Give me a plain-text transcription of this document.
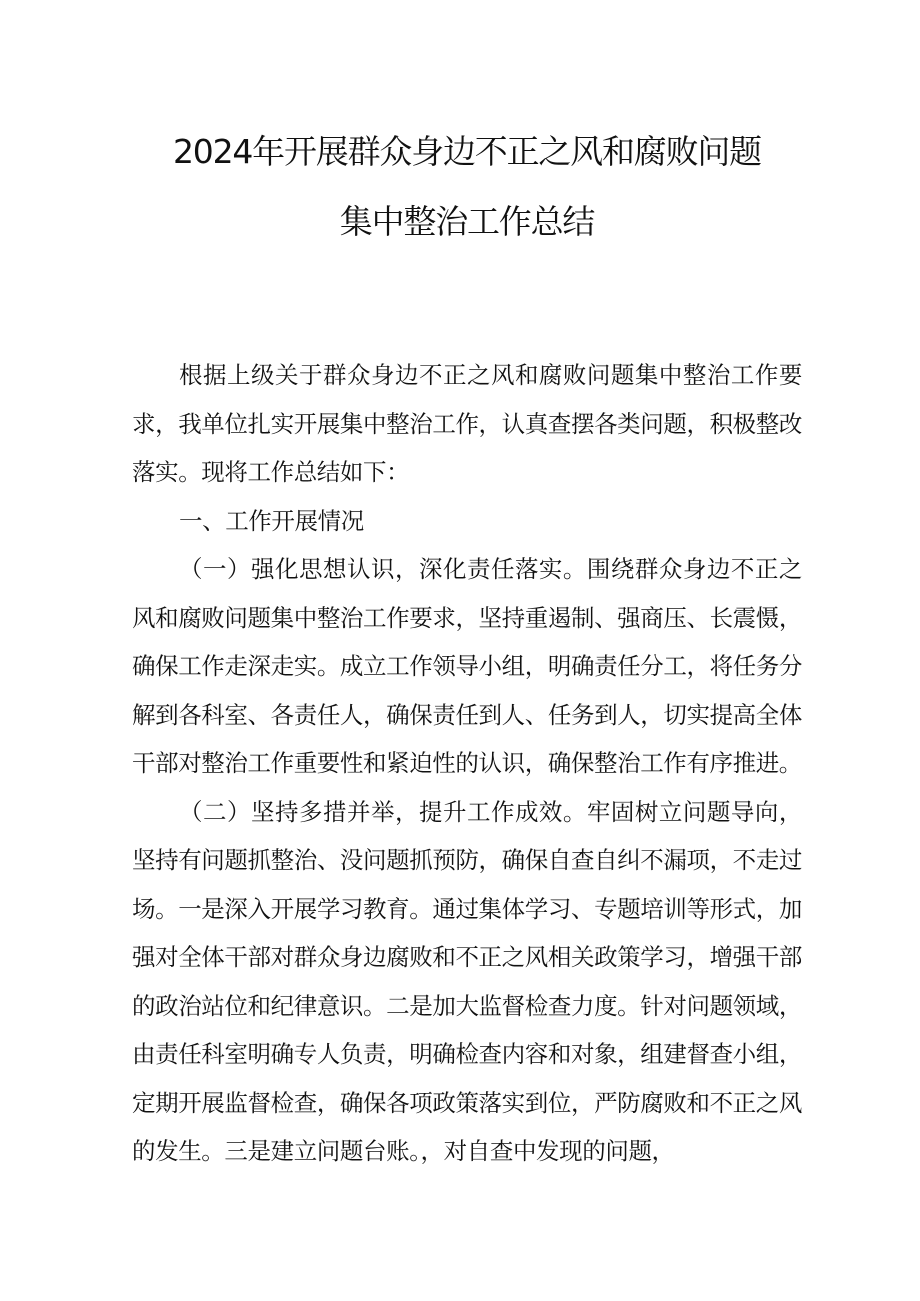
2024年开展群众身边不正之风和腐败问题
集中整治工作总结

根据上级关于群众身边不正之风和腐败问题集中整治工作要求，我单位扎实开展集中整治工作，认真查摆各类问题，积极整改落实。现将工作总结如下：

一、工作开展情况

（一）强化思想认识，深化责任落实。围绕群众身边不正之风和腐败问题集中整治工作要求，坚持重遏制、强商压、长震慑，确保工作走深走实。成立工作领导小组，明确责任分工，将任务分解到各科室、各责任人，确保责任到人、任务到人，切实提高全体干部对整治工作重要性和紧迫性的认识，确保整治工作有序推进。

（二）坚持多措并举，提升工作成效。牢固树立问题导向，坚持有问题抓整治、没问题抓预防，确保自查自纠不漏项，不走过场。一是深入开展学习教育。通过集体学习、专题培训等形式，加强对全体干部对群众身边腐败和不正之风相关政策学习，增强干部的政治站位和纪律意识。二是加大监督检查力度。针对问题领域，由责任科室明确专人负责，明确检查内容和对象，组建督查小组，定期开展监督检查，确保各项政策落实到位，严防腐败和不正之风的发生。三是建立问题台账。，对自查中发现的问题，
